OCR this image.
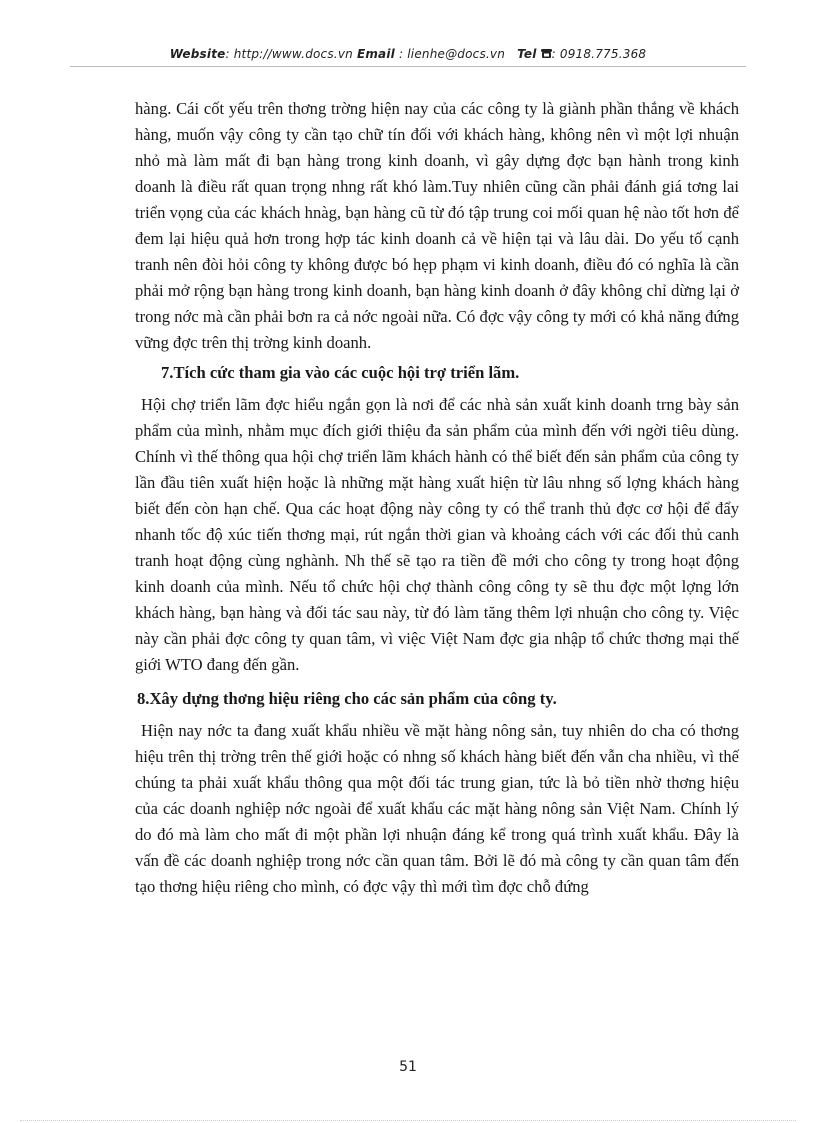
Website: http://www.docs.vn Email : lienhe@docs.vn Tel : 0918.775.368

hàng. Cái cốt yếu trên thơng trờng hiện nay của các công ty là giành phần thắng về khách hàng, muốn vậy công ty cần tạo chữ tín đối với khách hàng, không nên vì một lợi nhuận nhỏ mà làm mất đi bạn hàng trong kinh doanh, vì gây dựng đợc bạn hành trong kinh doanh là điều rất quan trọng nhng rất khó làm.Tuy nhiên cũng cần phải đánh giá tơng lai triển vọng của các khách hnàg, bạn hàng cũ từ đó tập trung coi mối quan hệ nào tốt hơn để đem lại hiệu quả hơn trong hợp tác kinh doanh cả về hiện tại và lâu dài. Do yếu tố cạnh tranh nên đòi hỏi công ty không được bó hẹp phạm vi kinh doanh, điều đó có nghĩa là cần phải mở rộng bạn hàng trong kinh doanh, bạn hàng kinh doanh ở đây không chỉ dừng lại ở trong nớc mà cần phải bơn ra cả nớc ngoài nữa. Có đợc vậy công ty mới có khả năng đứng vững đợc trên thị trờng kinh doanh.

7.Tích cức tham gia vào các cuộc hội trợ triển lãm.

Hội chợ triển lãm đợc hiểu ngắn gọn là nơi để các nhà sản xuất kinh doanh trng bày sản phẩm của mình, nhằm mục đích giới thiệu đa sản phẩm của mình đến với ngời tiêu dùng. Chính vì thế thông qua hội chợ triển lãm khách hành có thể biết đến sản phẩm của công ty lần đầu tiên xuất hiện hoặc là những mặt hàng xuất hiện từ lâu nhng số lợng khách hàng biết đến còn hạn chế. Qua các hoạt động này công ty có thể tranh thủ đợc cơ hội để đẩy nhanh tốc độ xúc tiến thơng mại, rút ngắn thời gian và khoảng cách với các đối thủ canh tranh hoạt động cùng nghành. Nh thế sẽ tạo ra tiền đề mới cho công ty trong hoạt động kinh doanh của mình. Nếu tổ chức hội chợ thành công công ty sẽ thu đợc một lợng lớn khách hàng, bạn hàng và đối tác sau này, từ đó làm tăng thêm lợi nhuận cho công ty. Việc này cần phải đợc công ty quan tâm, vì việc Việt Nam đợc gia nhập tổ chức thơng mại thế giới WTO đang đến gần.

8.Xây dựng thơng hiệu riêng cho các sản phẩm của công ty.

Hiện nay nớc ta đang xuất khẩu nhiều về mặt hàng nông sản, tuy nhiên do cha có thơng hiệu trên thị trờng trên thế giới hoặc có nhng số khách hàng biết đến vẫn cha nhiều, vì thế chúng ta phải xuất khẩu thông qua một đối tác trung gian, tức là bỏ tiền nhờ thơng hiệu của các doanh nghiệp nớc ngoài để xuất khẩu các mặt hàng nông sản Việt Nam. Chính lý do đó mà làm cho mất đi một phần lợi nhuận đáng kể trong quá trình xuất khẩu. Đây là vấn đề các doanh nghiệp trong nớc cần quan tâm. Bởi lẽ đó mà công ty cần quan tâm đến tạo thơng hiệu riêng cho mình, có đợc vậy thì mới tìm đợc chỗ đứng

51
